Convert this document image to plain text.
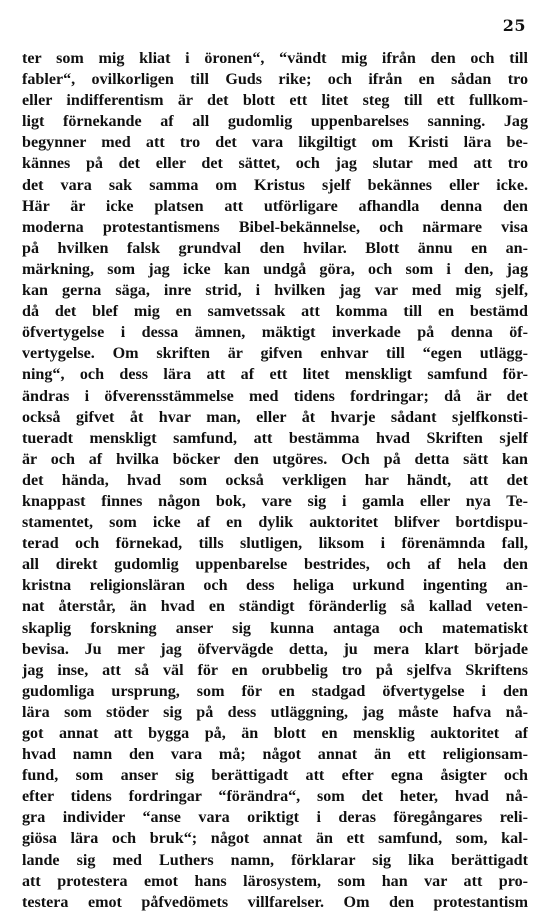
25
ter som mig kliat i öronen“, “vändt mig ifrån den och till
fabler“, ovilkorligen till Guds rike; och ifrån en sådan tro
eller indifferentism är det blott ett litet steg till ett fullkom-
ligt förnekande af all gudomlig uppenbarelses sanning. Jag
begynner med att tro det vara likgiltigt om Kristi lära be-
kännes på det eller det sättet, och jag slutar med att tro
det vara sak samma om Kristus sjelf bekännes eller icke.
Här är icke platsen att utförligare afhandla denna den
moderna protestantismens Bibel-bekännelse, och närmare visa
på hvilken falsk grundval den hvilar. Blott ännu en an-
märkning, som jag icke kan undgå göra, och som i den, jag
kan gerna säga, inre strid, i hvilken jag var med mig sjelf,
då det blef mig en samvetssak att komma till en bestämd
öfvertygelse i dessa ämnen, mäktigt inverkade på denna öf-
vertygelse. Om skriften är gifven enhvar till “egen utlägg-
ning“, och dess lära att af ett litet menskligt samfund för-
ändras i öfverensstämmelse med tidens fordringar; då är det
också gifvet åt hvar man, eller åt hvarje sådant sjelfkonsti-
tueradt menskligt samfund, att bestämma hvad Skriften sjelf
är och af hvilka böcker den utgöres. Och på detta sätt kan
det hända, hvad som också verkligen har händt, att det
knappast finnes någon bok, vare sig i gamla eller nya Te-
stamentet, som icke af en dylik auktoritet blifver bortdispu-
terad och förnekad, tills slutligen, liksom i förenämnda fall,
all direkt gudomlig uppenbarelse bestrides, och af hela den
kristna religionsläran och dess heliga urkund ingenting an-
nat återstår, än hvad en ständigt föränderlig så kallad veten-
skaplig forskning anser sig kunna antaga och matematiskt
bevisa. Ju mer jag öfvervägde detta, ju mera klart började
jag inse, att så väl för en orubbelig tro på sjelfva Skriftens
gudomliga ursprung, som för en stadgad öfvertygelse i den
lära som stöder sig på dess utläggning, jag måste hafva nå-
got annat att bygga på, än blott en mensklig auktoritet af
hvad namn den vara må; något annat än ett religionsam-
fund, som anser sig berättigadt att efter egna åsigter och
efter tidens fordringar “förändra“, som det heter, hvad nå-
gra individer “anse vara oriktigt i deras föregångares reli-
giösa lära och bruk“; något annat än ett samfund, som, kal-
lande sig med Luthers namn, förklarar sig lika berättigadt
att protestera emot hans lärosystem, som han var att pro-
testera emot påfvedömets villfarelser. Om den protestantism
